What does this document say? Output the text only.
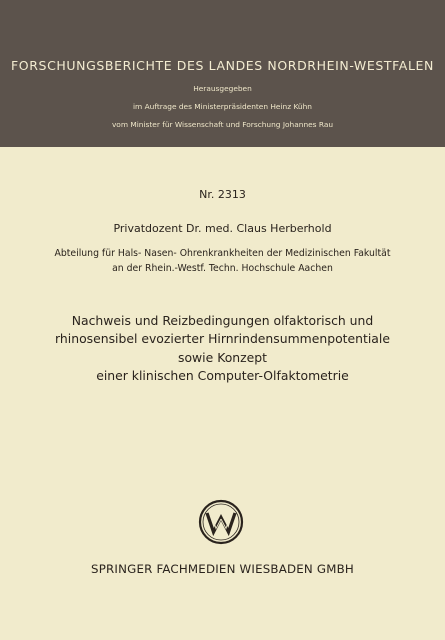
FORSCHUNGSBERICHTE DES LANDES NORDRHEIN-WESTFALEN
Herausgegeben
im Auftrage des Ministerpräsidenten Heinz Kühn
vom Minister für Wissenschaft und Forschung Johannes Rau
Nr. 2313
Privatdozent Dr. med. Claus Herberhold
Abteilung für Hals- Nasen- Ohrenkrankheiten der Medizinischen Fakultät
an der Rhein.-Westf. Techn. Hochschule Aachen
Nachweis und Reizbedingungen olfaktorisch und
rhinosensibel evozierter Hirnrindensummenpotentiale
sowie Konzept
einer klinischen Computer-Olfaktometrie
SPRINGER FACHMEDIEN WIESBADEN GMBH
